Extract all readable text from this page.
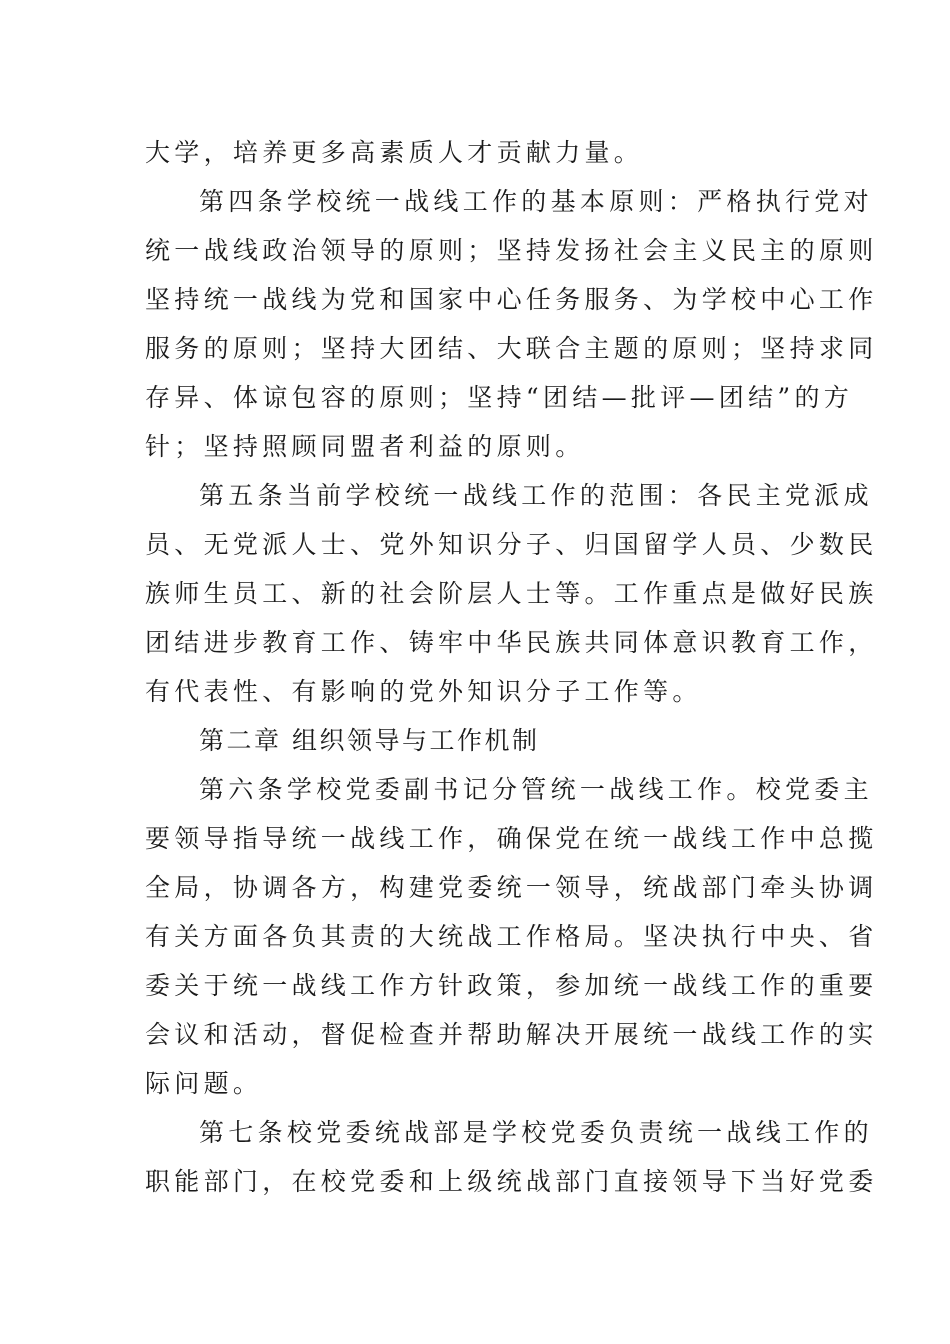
大学，培养更多高素质人才贡献力量。
第四条学校统一战线工作的基本原则：严格执行党对
统一战线政治领导的原则；坚持发扬社会主义民主的原则
坚持统一战线为党和国家中心任务服务、为学校中心工作
服务的原则；坚持大团结、大联合主题的原则；坚持求同
存异、体谅包容的原则；坚持“团结—批评—团结”的方
针；坚持照顾同盟者利益的原则。
第五条当前学校统一战线工作的范围：各民主党派成
员、无党派人士、党外知识分子、归国留学人员、少数民
族师生员工、新的社会阶层人士等。工作重点是做好民族
团结进步教育工作、铸牢中华民族共同体意识教育工作，
有代表性、有影响的党外知识分子工作等。
第二章 组织领导与工作机制
第六条学校党委副书记分管统一战线工作。校党委主
要领导指导统一战线工作，确保党在统一战线工作中总揽
全局，协调各方，构建党委统一领导，统战部门牵头协调
有关方面各负其责的大统战工作格局。坚决执行中央、省
委关于统一战线工作方针政策，参加统一战线工作的重要
会议和活动，督促检查并帮助解决开展统一战线工作的实
际问题。
第七条校党委统战部是学校党委负责统一战线工作的
职能部门，在校党委和上级统战部门直接领导下当好党委
